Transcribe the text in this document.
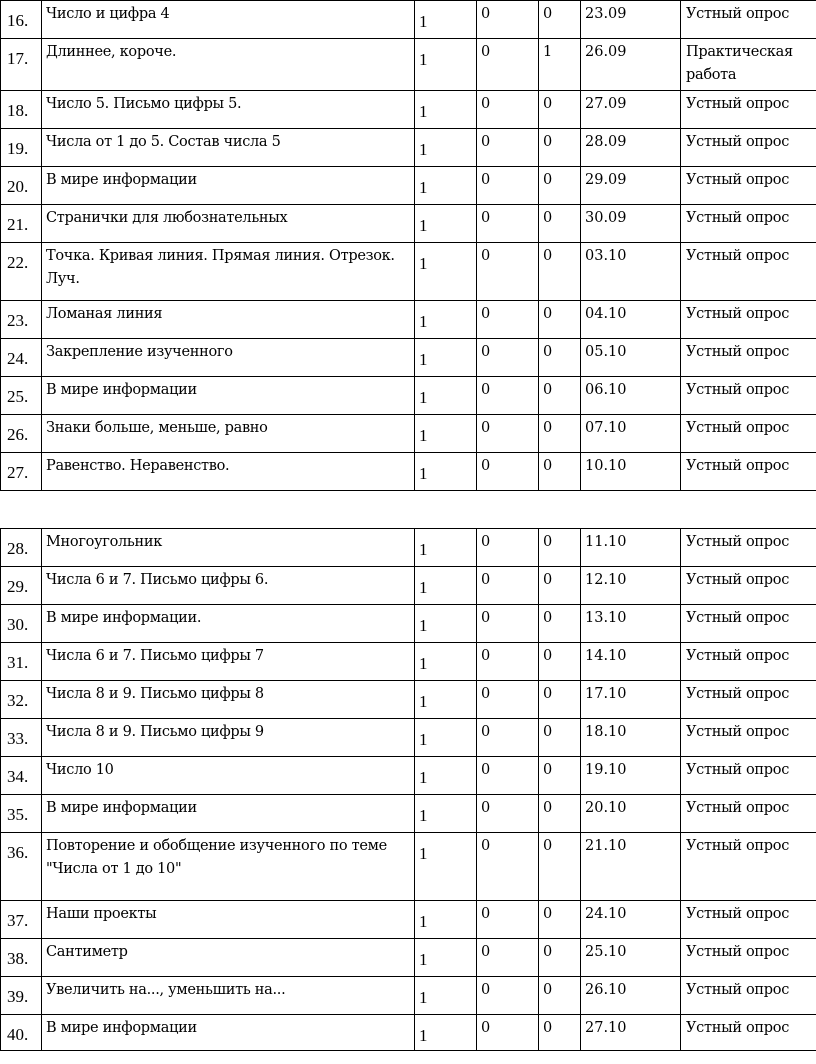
16.	Число и цифра 4	1	0	0	23.09	Устный опрос
17.	Длиннее, короче.	1	0	1	26.09	Практическая работа
18.	Число 5. Письмо цифры 5.	1	0	0	27.09	Устный опрос
19.	Числа от 1 до 5. Состав числа 5	1	0	0	28.09	Устный опрос
20.	В мире информации	1	0	0	29.09	Устный опрос
21.	Странички для любознательных	1	0	0	30.09	Устный опрос
22.	Точка. Кривая линия. Прямая линия. Отрезок. Луч.	1	0	0	03.10	Устный опрос
23.	Ломаная линия	1	0	0	04.10	Устный опрос
24.	Закрепление изученного	1	0	0	05.10	Устный опрос
25.	В мире информации	1	0	0	06.10	Устный опрос
26.	Знаки больше, меньше, равно	1	0	0	07.10	Устный опрос
27.	Равенство. Неравенство.	1	0	0	10.10	Устный опрос
28.	Многоугольник	1	0	0	11.10	Устный опрос
29.	Числа 6 и 7. Письмо цифры 6.	1	0	0	12.10	Устный опрос
30.	В мире информации.	1	0	0	13.10	Устный опрос
31.	Числа 6 и 7. Письмо цифры 7	1	0	0	14.10	Устный опрос
32.	Числа 8 и 9. Письмо цифры 8	1	0	0	17.10	Устный опрос
33.	Числа 8 и 9. Письмо цифры 9	1	0	0	18.10	Устный опрос
34.	Число 10	1	0	0	19.10	Устный опрос
35.	В мире информации	1	0	0	20.10	Устный опрос
36.	Повторение и обобщение изученного по теме "Числа от 1 до 10"	1	0	0	21.10	Устный опрос
37.	Наши проекты	1	0	0	24.10	Устный опрос
38.	Сантиметр	1	0	0	25.10	Устный опрос
39.	Увеличить на..., уменьшить на...	1	0	0	26.10	Устный опрос
40.	В мире информации	1	0	0	27.10	Устный опрос
